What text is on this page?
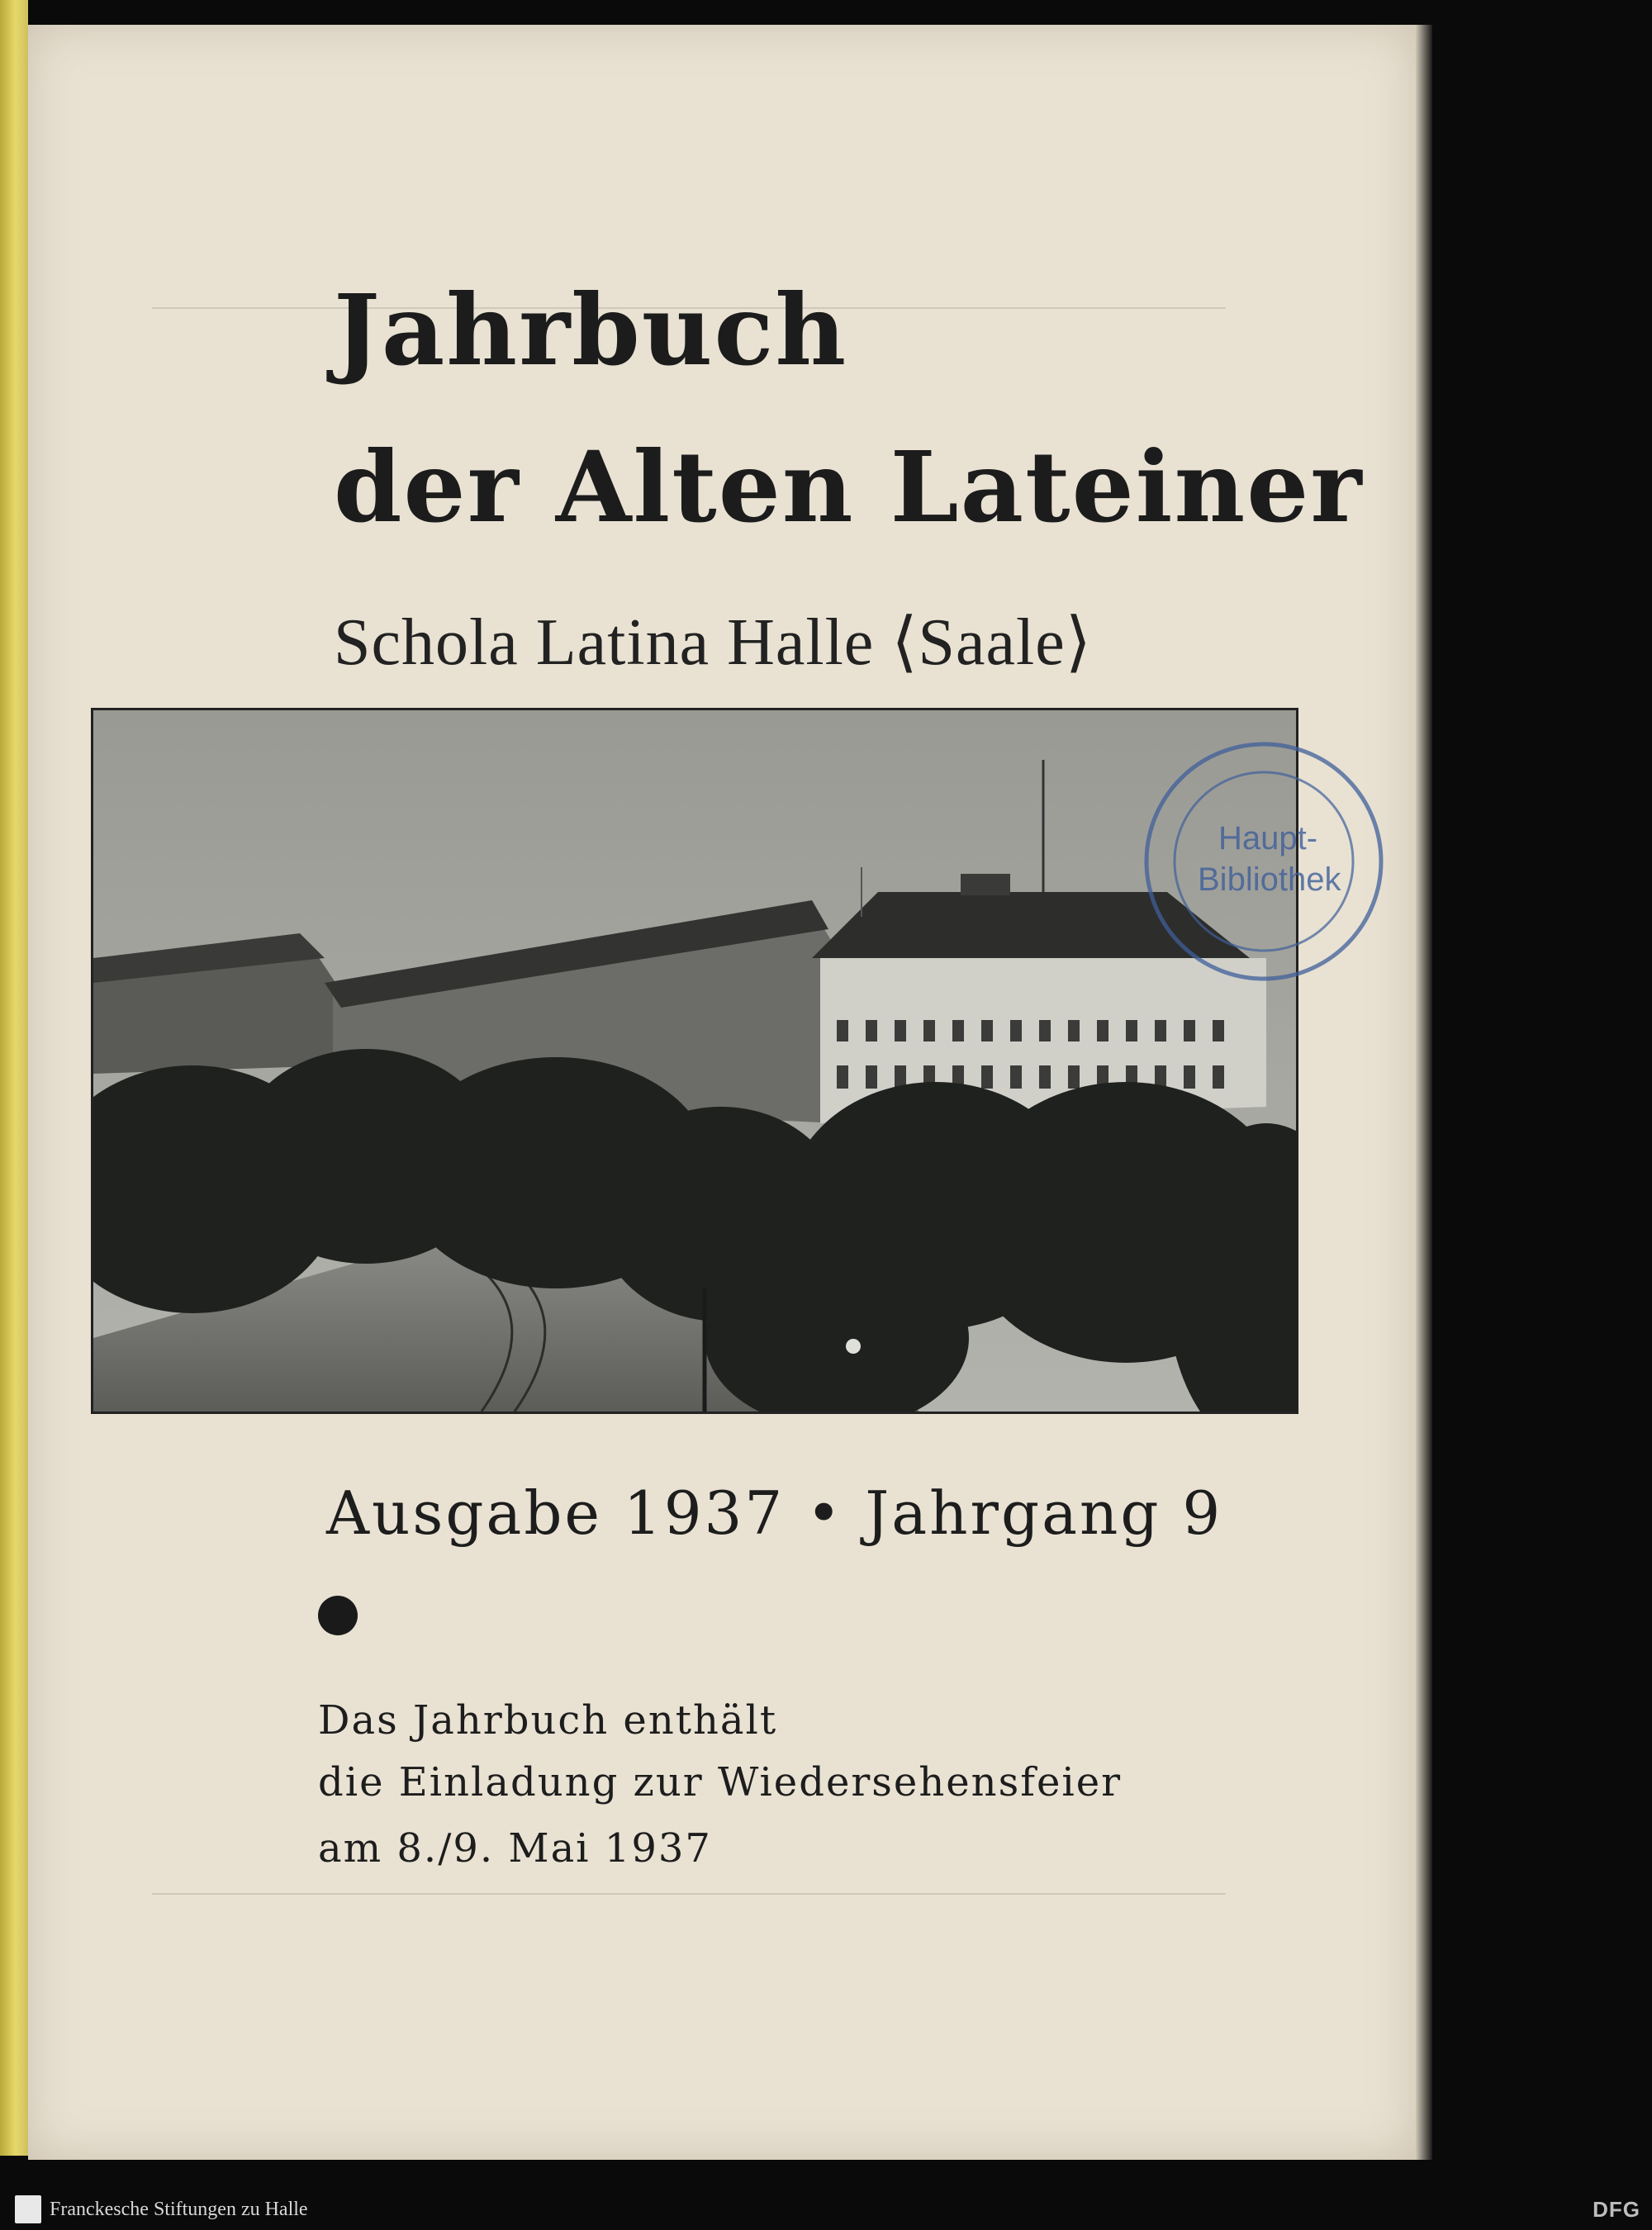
Jahrbuch
der Alten Lateiner
Schola Latina Halle ⟨Saale⟩
Haupt-
Bibliothek
Ausgabe 1937 • Jahrgang 9
Das Jahrbuch enthält
die Einladung zur Wiedersehensfeier
am 8./9. Mai 1937
Franckesche Stiftungen zu Halle	DFG
